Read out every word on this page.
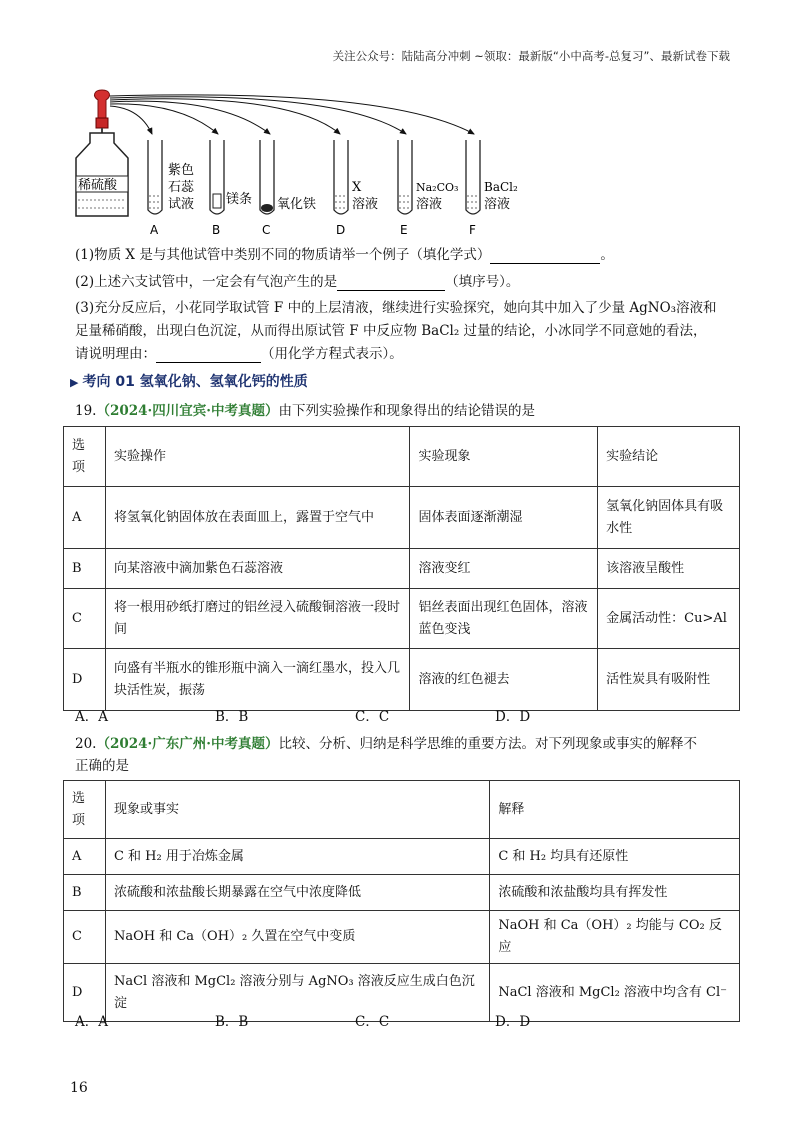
关注公众号：陆陆高分冲刺 ~领取：最新版“小中高考-总复习”、最新试卷下载
稀硫酸
紫色
石蕊
试液 镁条 氧化铁
X
溶液
Na₂CO₃
溶液
BaCl₂
溶液
A	B	C	D	E	F
(1)物质 X 是与其他试管中类别不同的物质请举一个例子（填化学式）	。
(2)上述六支试管中，一定会有气泡产生的是	（填序号）。
(3)充分反应后，小花同学取试管 F 中的上层清液，继续进行实验探究，她向其中加入了少量 AgNO₃溶液和
足量稀硝酸，出现白色沉淀，从而得出原试管 F 中反应物 BaCl₂ 过量的结论，小冰同学不同意她的看法，
请说明理由：	（用化学方程式表示）。
▶ 考向 01 氢氧化钠、氢氧化钙的性质
19.（2024·四川宜宾·中考真题）由下列实验操作和现象得出的结论错误的是
选项	实验操作	实验现象	实验结论
A	将氢氧化钠固体放在表面皿上，露置于空气中	固体表面逐渐潮湿	氢氧化钠固体具有吸水性
B	向某溶液中滴加紫色石蕊溶液	溶液变红	该溶液呈酸性
C	将一根用砂纸打磨过的铝丝浸入硫酸铜溶液一段时间	铝丝表面出现红色固体，溶液蓝色变浅	金属活动性：Cu>Al
D	向盛有半瓶水的锥形瓶中滴入一滴红墨水，投入几块活性炭，振荡	溶液的红色褪去	活性炭具有吸附性
A．A	B．B	C．C	D．D
20.（2024·广东广州·中考真题）比较、分析、归纳是科学思维的重要方法。对下列现象或事实的解释不
正确的是
选项	现象或事实	解释
A	C 和 H₂ 用于冶炼金属	C 和 H₂ 均具有还原性
B	浓硫酸和浓盐酸长期暴露在空气中浓度降低	浓硫酸和浓盐酸均具有挥发性
C	NaOH 和 Ca（OH）₂ 久置在空气中变质	NaOH 和 Ca（OH）₂ 均能与 CO₂ 反应
D	NaCl 溶液和 MgCl₂ 溶液分别与 AgNO₃ 溶液反应生成白色沉淀	NaCl 溶液和 MgCl₂ 溶液中均含有 Cl⁻
A．A	B．B	C．C	D．D
16
